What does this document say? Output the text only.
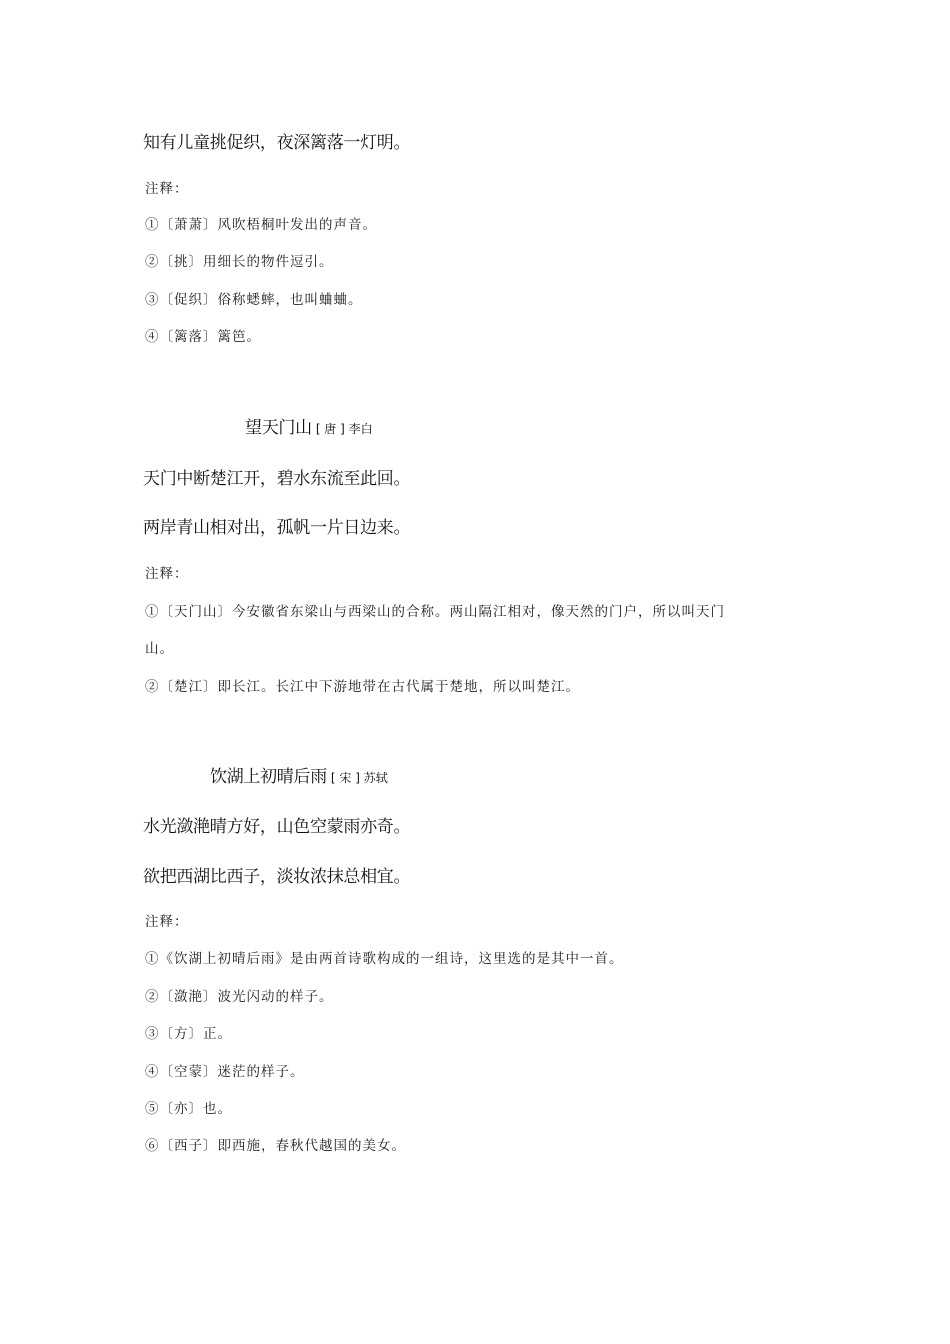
知有儿童挑促织，夜深篱落一灯明。
注释：
①〔萧萧〕风吹梧桐叶发出的声音。
②〔挑〕用细长的物件逗引。
③〔促织〕俗称蟋蟀，也叫蛐蛐。
④〔篱落〕篱笆。
望天门山 [ 唐 ] 李白
天门中断楚江开，碧水东流至此回。
两岸青山相对出，孤帆一片日边来。
注释：
①〔天门山〕今安徽省东梁山与西梁山的合称。两山隔江相对，像天然的门户，所以叫天门
山。
②〔楚江〕即长江。长江中下游地带在古代属于楚地，所以叫楚江。
饮湖上初晴后雨 [ 宋 ] 苏轼
水光潋滟晴方好，山色空蒙雨亦奇。
欲把西湖比西子，淡妆浓抹总相宜。
注释：
①《饮湖上初晴后雨》是由两首诗歌构成的一组诗，这里选的是其中一首。
②〔潋滟〕波光闪动的样子。
③〔方〕正。
④〔空蒙〕迷茫的样子。
⑤〔亦〕也。
⑥〔西子〕即西施，春秋代越国的美女。
